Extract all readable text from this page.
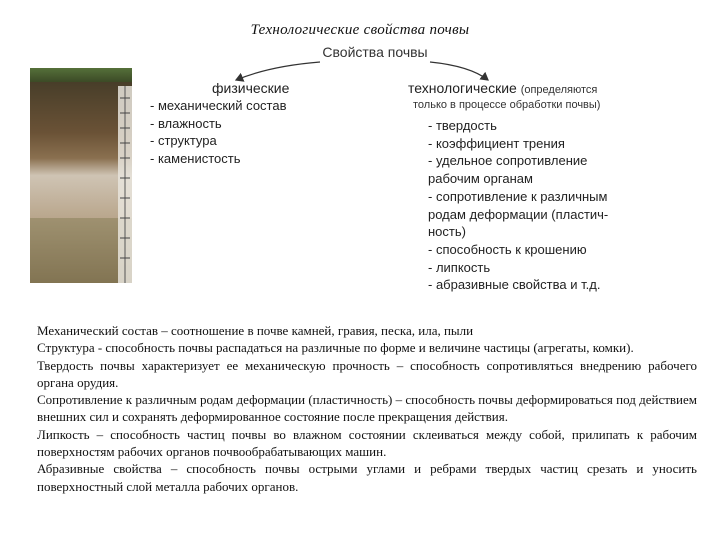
Технологические свойства почвы
Свойства почвы
физические
- механический состав
- влажность
- структура
- каменистость
технологические (определяются
только в процессе обработки почвы)
- твердость
- коэффициент трения
- удельное сопротивление
рабочим органам
- сопротивление к различным
родам деформации (пластич-
ность)
- способность к крошению
- липкость
- абразивные свойства и т.д.

Механический состав – соотношение в почве камней, гравия, песка, ила, пыли

Структура - способность почвы распадаться на различные по форме и величине частицы (агрегаты, комки).

Твердость почвы характеризует ее механическую прочность – способность сопротивляться внедрению рабочего органа орудия.

Сопротивление к различным родам деформации (пластичность) – способность почвы деформироваться под действием внешних сил и сохранять деформированное состояние после прекращения действия.

Липкость – способность частиц почвы во влажном состоянии склеиваться между собой, прилипать к рабочим поверхностям рабочих органов почвообрабатывающих машин.

Абразивные свойства – способность почвы острыми углами и ребрами твердых частиц срезать и уносить поверхностный слой металла рабочих органов.
